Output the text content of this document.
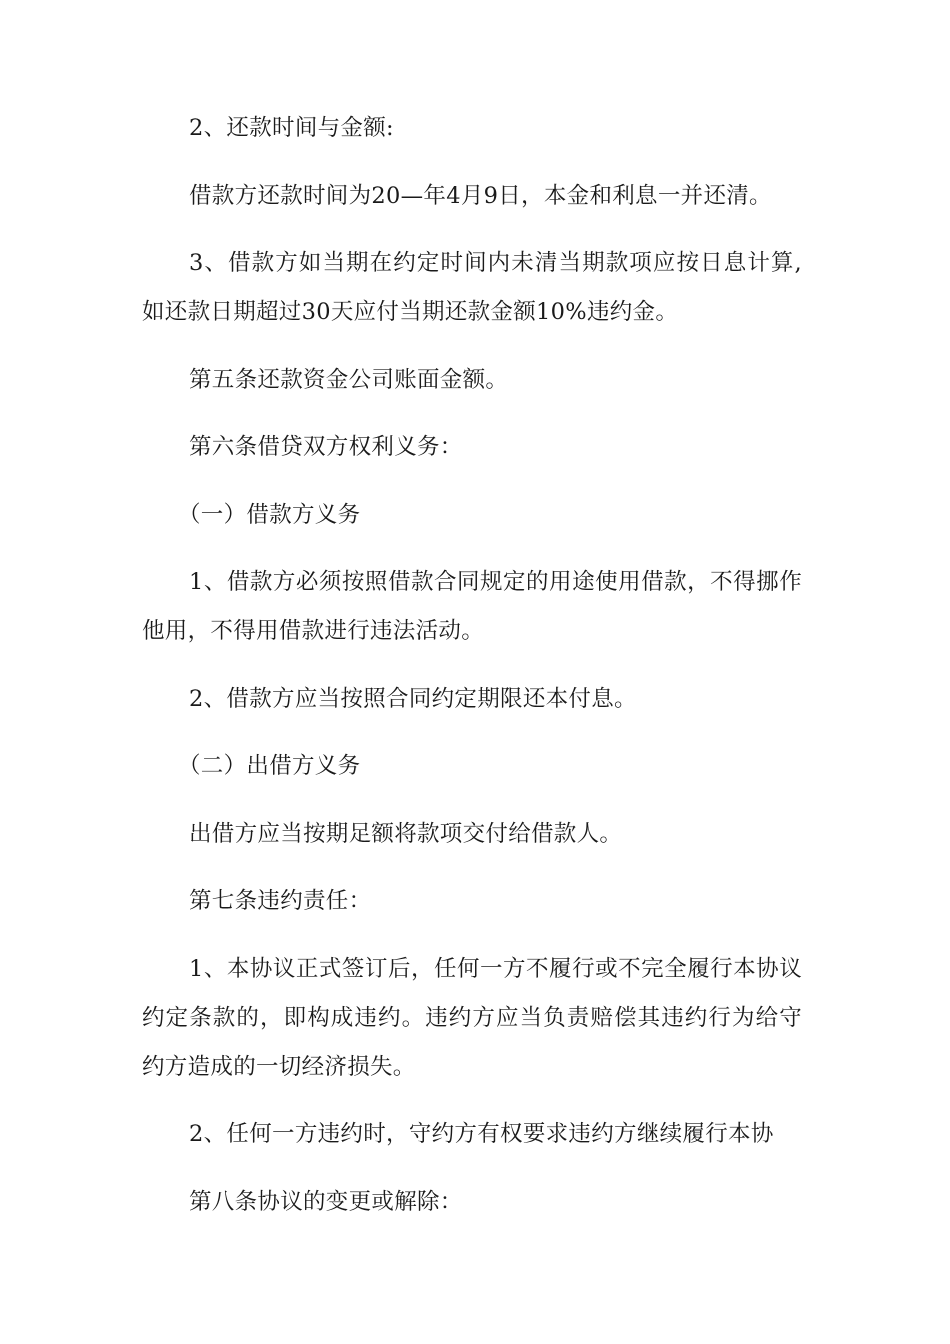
2、还款时间与金额:

借款方还款时间为20—年4月9日，本金和利息一并还清。

3、借款方如当期在约定时间内未清当期款项应按日息计算,如还款日期超过30天应付当期还款金额10%违约金。

第五条还款资金公司账面金额。

第六条借贷双方权利义务：

（一）借款方义务

1、借款方必须按照借款合同规定的用途使用借款，不得挪作他用，不得用借款进行违法活动。

2、借款方应当按照合同约定期限还本付息。

（二）出借方义务

出借方应当按期足额将款项交付给借款人。

第七条违约责任：

1、本协议正式签订后，任何一方不履行或不完全履行本协议约定条款的，即构成违约。违约方应当负责赔偿其违约行为给守约方造成的一切经济损失。

2、任何一方违约时，守约方有权要求违约方继续履行本协

第八条协议的变更或解除：
